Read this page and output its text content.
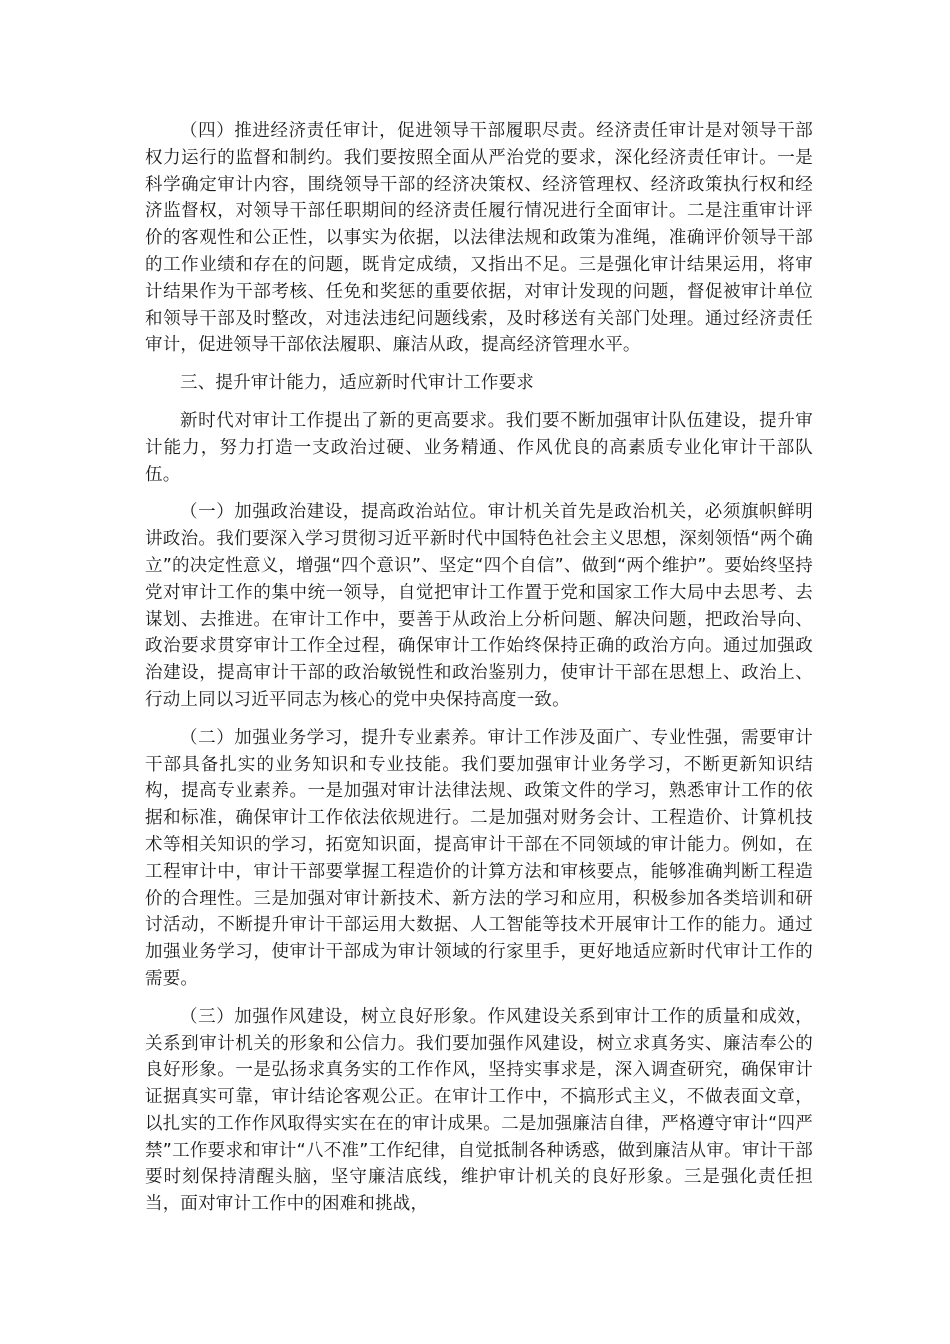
（四）推进经济责任审计，促进领导干部履职尽责。经济责任审计是对领导干部权力运行的监督和制约。我们要按照全面从严治党的要求，深化经济责任审计。一是科学确定审计内容，围绕领导干部的经济决策权、经济管理权、经济政策执行权和经济监督权，对领导干部任职期间的经济责任履行情况进行全面审计。二是注重审计评价的客观性和公正性，以事实为依据，以法律法规和政策为准绳，准确评价领导干部的工作业绩和存在的问题，既肯定成绩，又指出不足。三是强化审计结果运用，将审计结果作为干部考核、任免和奖惩的重要依据，对审计发现的问题，督促被审计单位和领导干部及时整改，对违法违纪问题线索，及时移送有关部门处理。通过经济责任审计，促进领导干部依法履职、廉洁从政，提高经济管理水平。

三、提升审计能力，适应新时代审计工作要求

新时代对审计工作提出了新的更高要求。我们要不断加强审计队伍建设，提升审计能力，努力打造一支政治过硬、业务精通、作风优良的高素质专业化审计干部队伍。

（一）加强政治建设，提高政治站位。审计机关首先是政治机关，必须旗帜鲜明讲政治。我们要深入学习贯彻习近平新时代中国特色社会主义思想，深刻领悟“两个确立”的决定性意义，增强“四个意识”、坚定“四个自信”、做到“两个维护”。要始终坚持党对审计工作的集中统一领导，自觉把审计工作置于党和国家工作大局中去思考、去谋划、去推进。在审计工作中，要善于从政治上分析问题、解决问题，把政治导向、政治要求贯穿审计工作全过程，确保审计工作始终保持正确的政治方向。通过加强政治建设，提高审计干部的政治敏锐性和政治鉴别力，使审计干部在思想上、政治上、行动上同以习近平同志为核心的党中央保持高度一致。

（二）加强业务学习，提升专业素养。审计工作涉及面广、专业性强，需要审计干部具备扎实的业务知识和专业技能。我们要加强审计业务学习，不断更新知识结构，提高专业素养。一是加强对审计法律法规、政策文件的学习，熟悉审计工作的依据和标准，确保审计工作依法依规进行。二是加强对财务会计、工程造价、计算机技术等相关知识的学习，拓宽知识面，提高审计干部在不同领域的审计能力。例如，在工程审计中，审计干部要掌握工程造价的计算方法和审核要点，能够准确判断工程造价的合理性。三是加强对审计新技术、新方法的学习和应用，积极参加各类培训和研讨活动，不断提升审计干部运用大数据、人工智能等技术开展审计工作的能力。通过加强业务学习，使审计干部成为审计领域的行家里手，更好地适应新时代审计工作的需要。

（三）加强作风建设，树立良好形象。作风建设关系到审计工作的质量和成效，关系到审计机关的形象和公信力。我们要加强作风建设，树立求真务实、廉洁奉公的良好形象。一是弘扬求真务实的工作作风，坚持实事求是，深入调查研究，确保审计证据真实可靠，审计结论客观公正。在审计工作中，不搞形式主义，不做表面文章，以扎实的工作作风取得实实在在的审计成果。二是加强廉洁自律，严格遵守审计“四严禁”工作要求和审计“八不准”工作纪律，自觉抵制各种诱惑，做到廉洁从审。审计干部要时刻保持清醒头脑，坚守廉洁底线，维护审计机关的良好形象。三是强化责任担当，面对审计工作中的困难和挑战，
